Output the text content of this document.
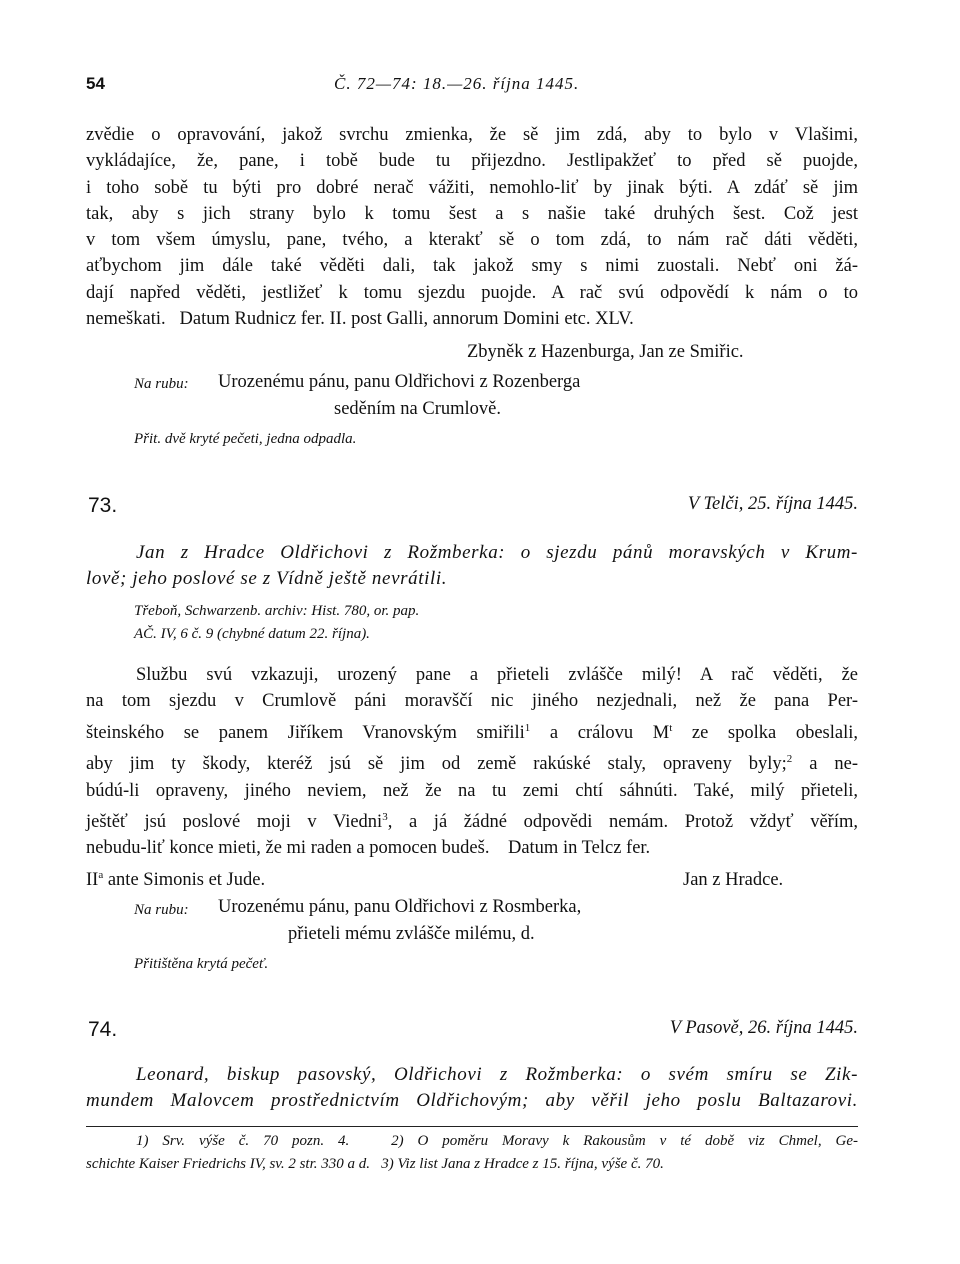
54	Č. 72—74: 18.—26. října 1445.
zvědie o opravování, jakož svrchu zmienka, že sě jim zdá, aby to bylo v Vlašimi,
vykládajíce, že, pane, i tobě bude tu přijezdno. Jestlipakžeť to před sě puojde,
i toho sobě tu býti pro dobré nerač vážiti, nemohlo-liť by jinak býti. A zdáť sě jim
tak, aby s jich strany bylo k tomu šest a s našie také druhých šest. Což jest
v tom všem úmyslu, pane, tvého, a kterakť sě o tom zdá, to nám rač dáti věděti,
aťbychom jim dále také věděti dali, tak jakož smy s nimi zuostali. Nebť oni žá-
dají napřed věděti, jestližeť k tomu sjezdu puojde. A rač svú odpovědí k nám o to
nemeškati.   Datum Rudnicz fer. II. post Galli, annorum Domini etc. XLV.
Zbyněk z Hazenburga, Jan ze Smiřic.
Na rubu: Urozenému pánu, panu Oldřichovi z Rozenberga
seděním na Crumlově.
Přit. dvě kryté pečeti, jedna odpadla.
73.	V Telči, 25. října 1445.
Jan z Hradce Oldřichovi z Rožmberka: o sjezdu pánů moravských v Krum-
lově; jeho poslové se z Vídně ještě nevrátili.
Třeboň, Schwarzenb. archiv: Hist. 780, or. pap.
AČ. IV, 6 č. 9 (chybné datum 22. října).
Službu svú vzkazuji, urozený pane a přieteli zvlášče milý! A rač věděti, že
na tom sjezdu v Crumlově páni moravščí nic jiného nezjednali, než že pana Per-
šteinského se panem Jiříkem Vranovským smiřili$^1$ a crálovu $M^t$ ze spolka obeslali,
aby jim ty škody, kteréž jsú sě jim od země rakúské staly, opraveny byly;$^2$ a ne-
búdú-li opraveny, jiného neviem, než že na tu zemi chtí sáhnúti. Také, milý přieteli,
ještěť jsú poslové moji v Viedni$^3$, a já žádné odpovědi nemám. Protož vždyť věřím,
nebudu-liť konce mieti, že mi raden a pomocen budeš.    Datum in Telcz fer.
$II^a$ ante Simonis et Jude.	Jan z Hradce.
Na rubu: Urozenému pánu, panu Oldřichovi z Rosmberka,
přieteli mému zvlášče milému, d.
Přitištěna krytá pečeť.
74.	V Pasově, 26. října 1445.
Leonard, biskup pasovský, Oldřichovi z Rožmberka: o svém smíru se Zik-
mundem Malovcem prostřednictvím Oldřichovým; aby věřil jeho poslu Baltazarovi.
1) Srv. výše č. 70 pozn. 4.   2) O poměru Moravy k Rakousům v té době viz Chmel, Ge-
schichte Kaiser Friedrichs IV, sv. 2 str. 330 a d.   3) Viz list Jana z Hradce z 15. října, výše č. 70.
